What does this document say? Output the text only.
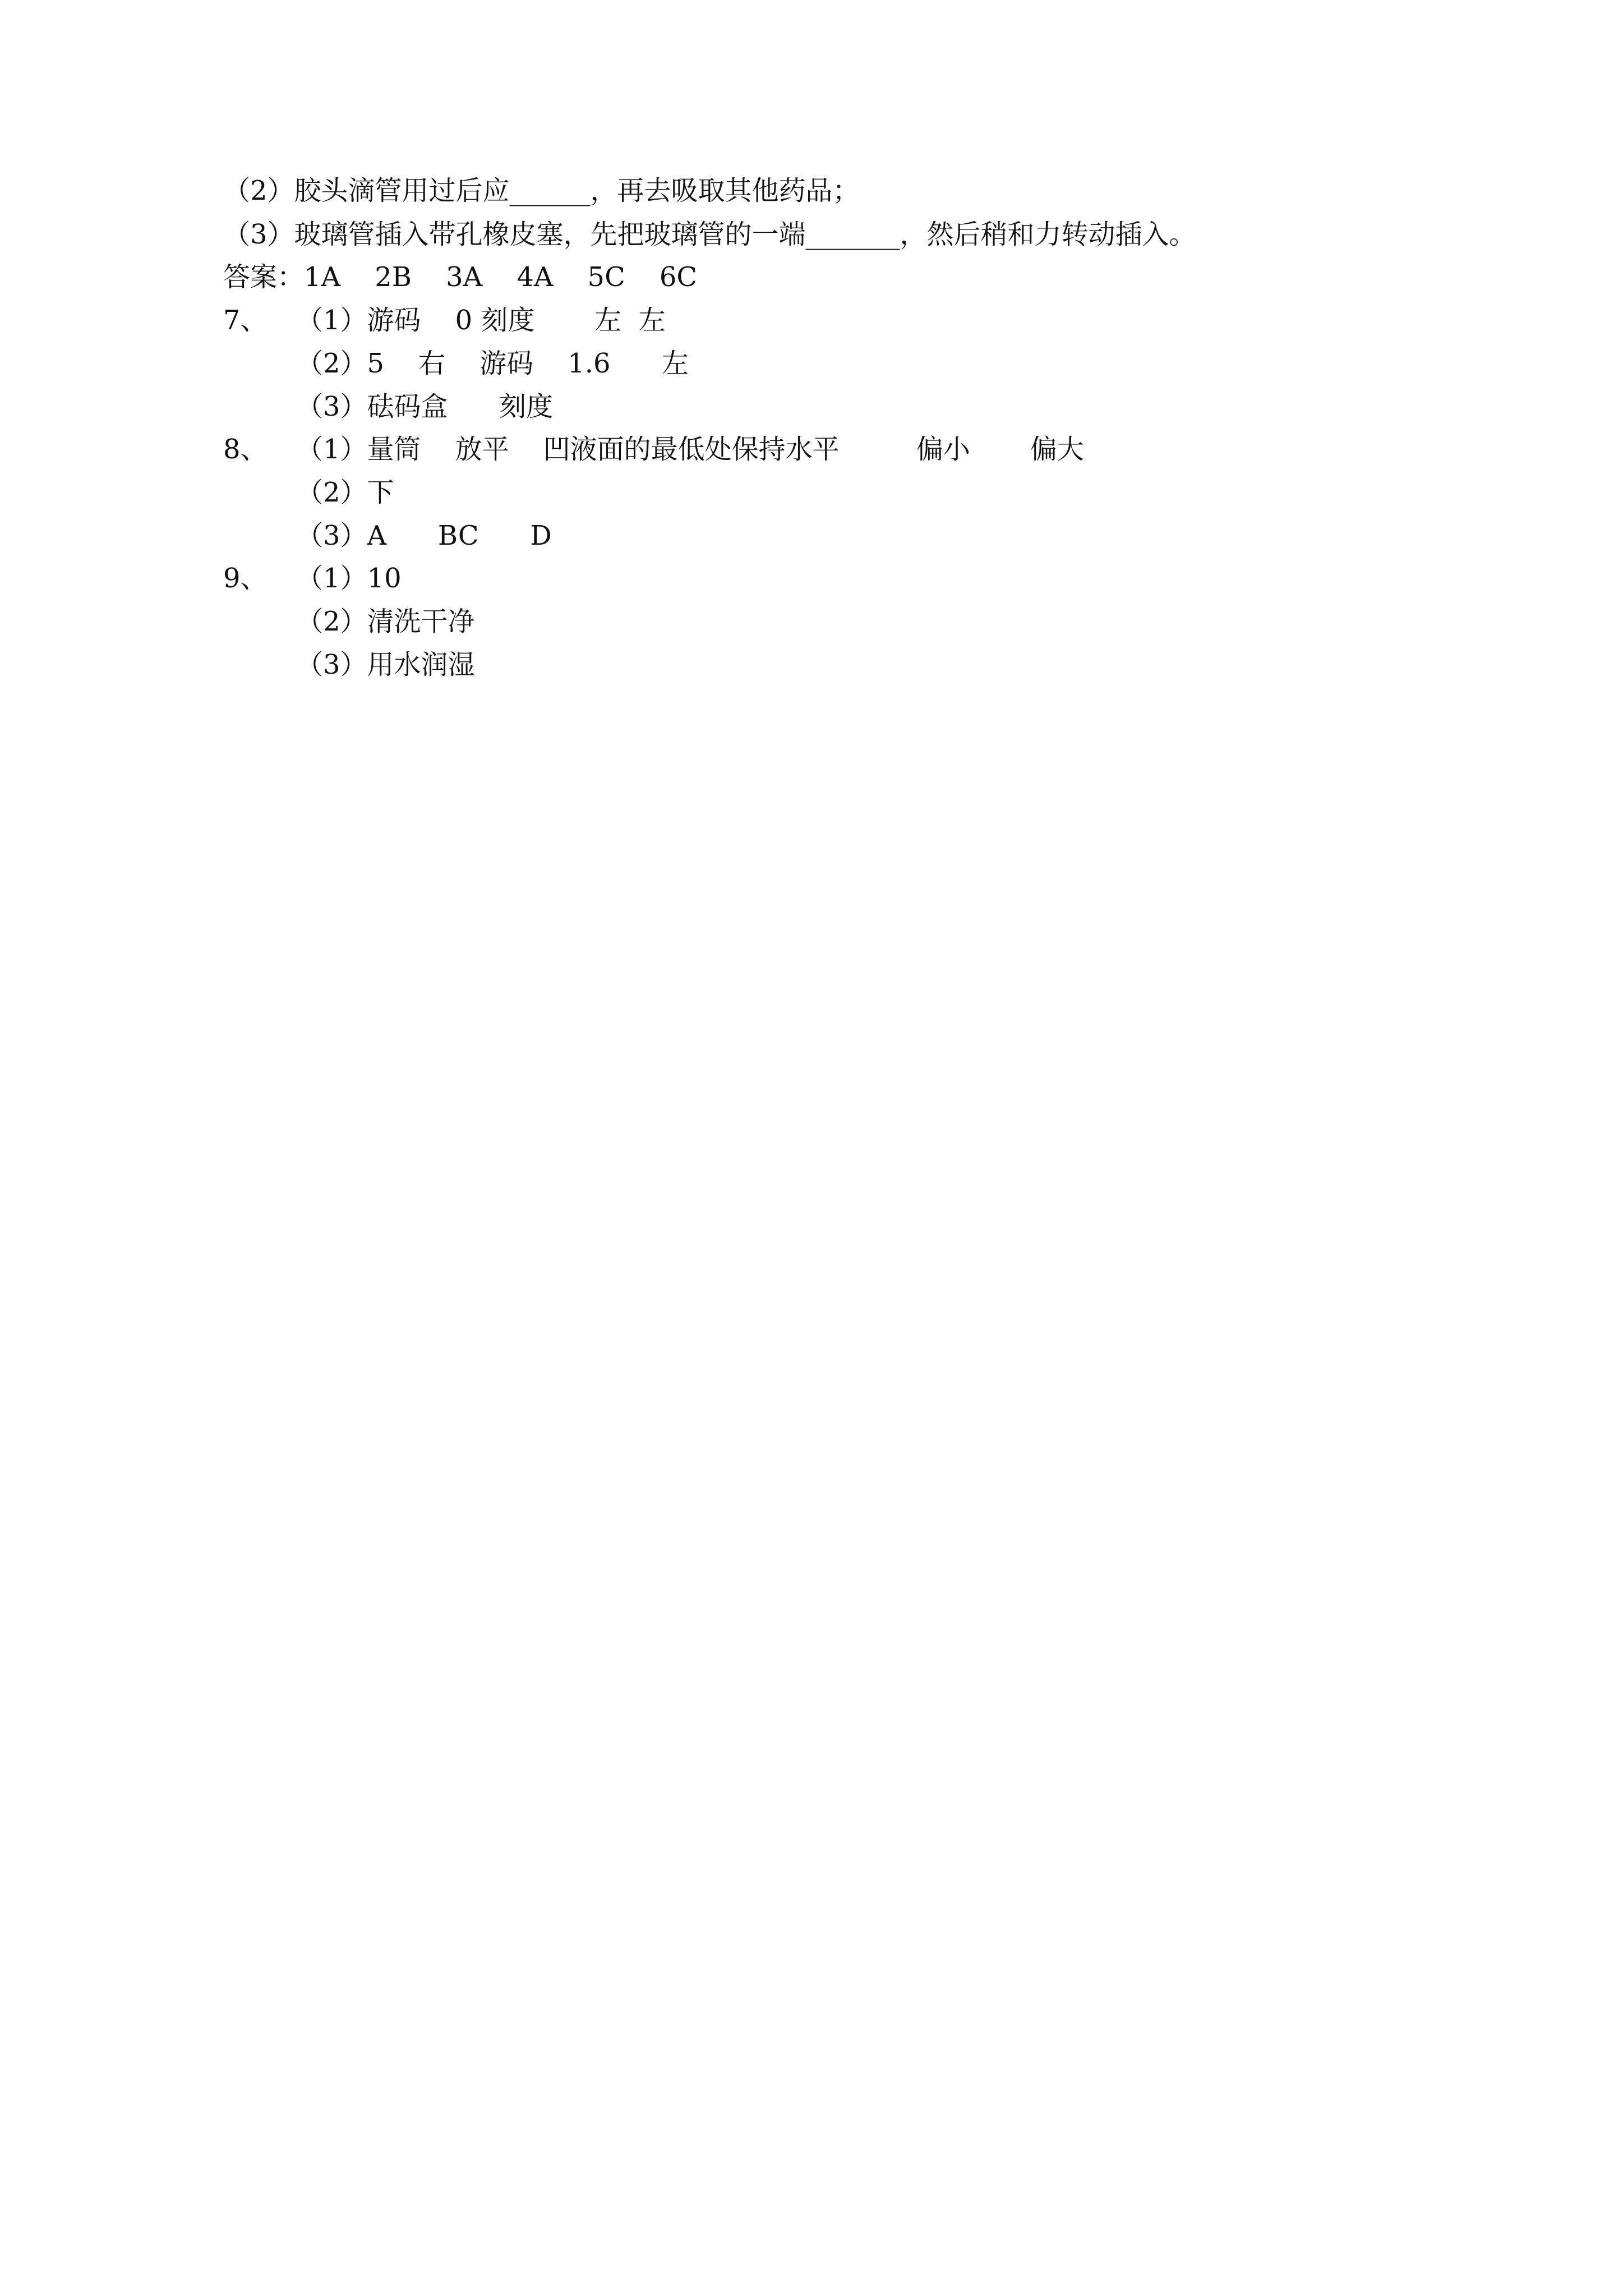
（2）胶头滴管用过后应______，再去吸取其他药品；
（3）玻璃管插入带孔橡皮塞，先把玻璃管的一端_______，然后稍和力转动插入。
答案：1A    2B    3A    4A    5C    6C
7、 （1）游码    0 刻度       左  左
（2）5    右    游码    1.6      左
（3）砝码盒      刻度
8、 （1）量筒    放平    凹液面的最低处保持水平         偏小       偏大
（2）下
（3）A      BC      D
9、 （1）10
（2）清洗干净
（3）用水润湿
